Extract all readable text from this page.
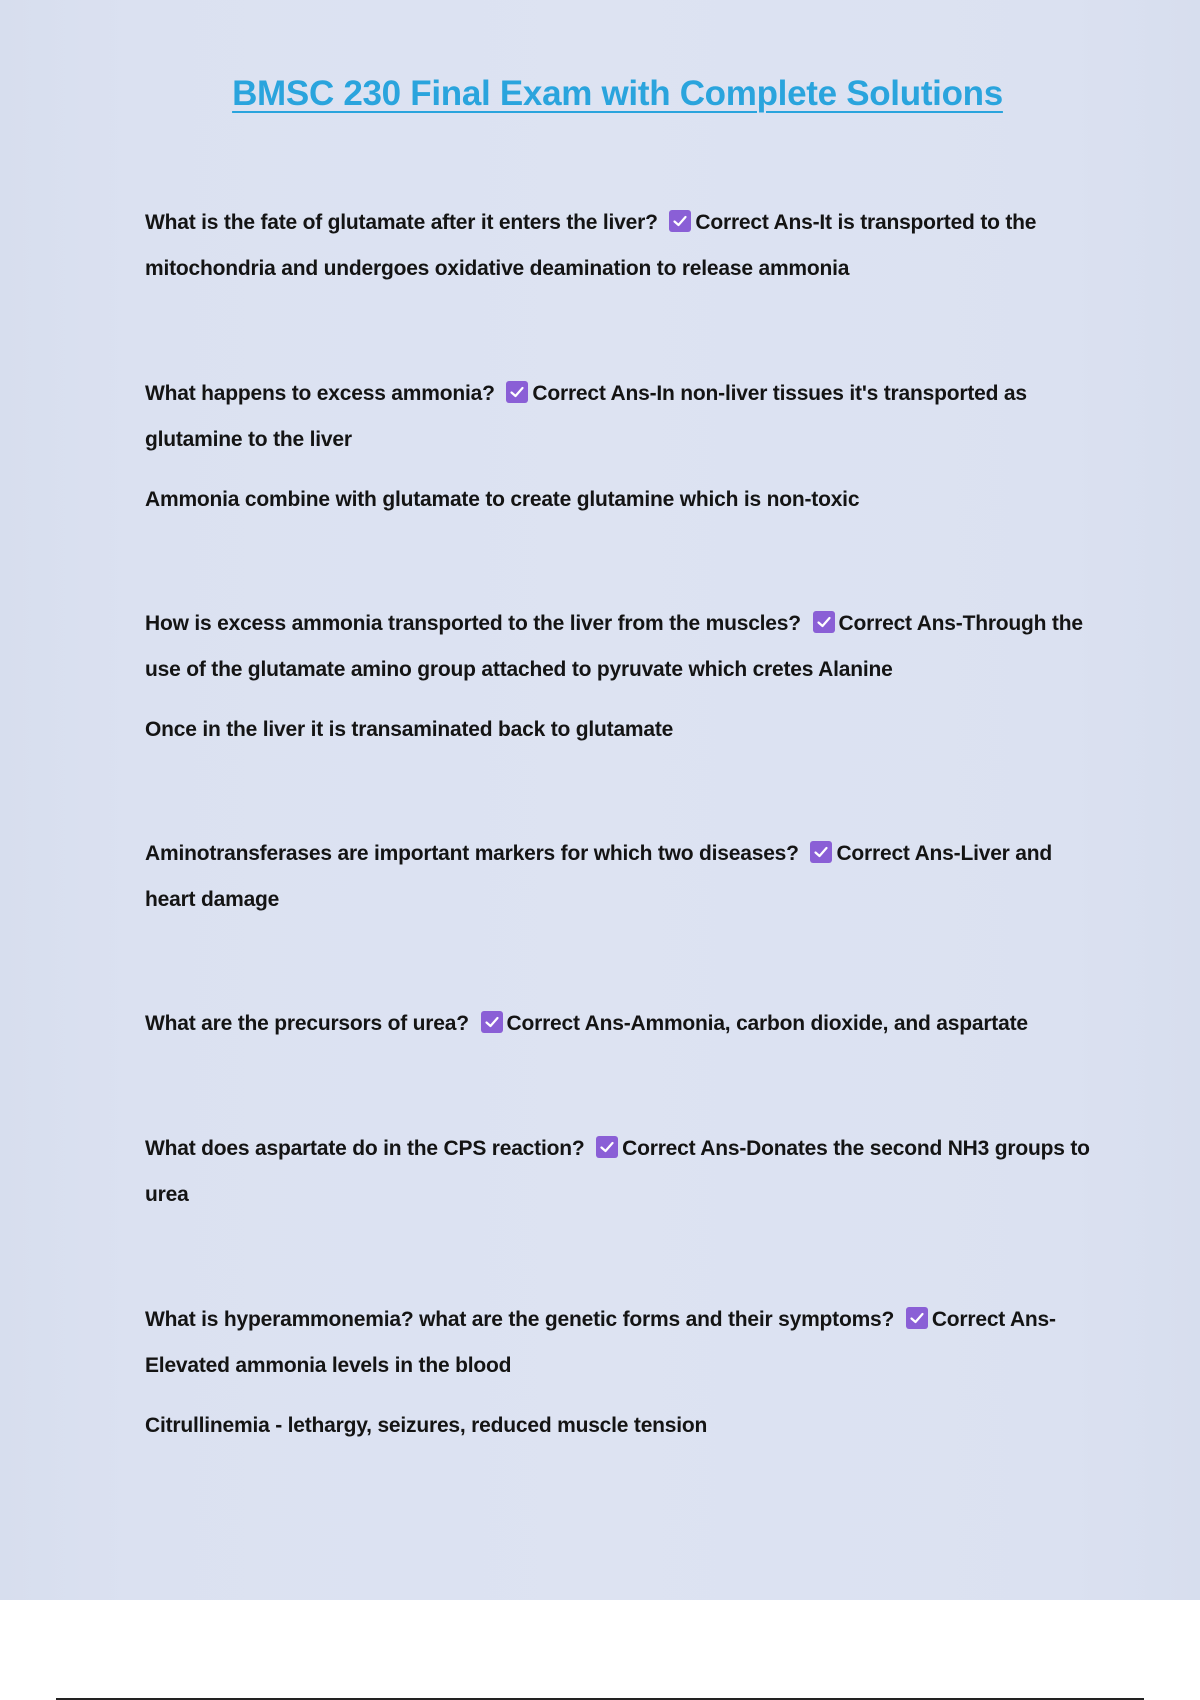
BMSC 230 Final Exam with Complete Solutions

What is the fate of glutamate after it enters the liver? Correct Ans-It is transported to the mitochondria and undergoes oxidative deamination to release ammonia

What happens to excess ammonia? Correct Ans-In non-liver tissues it's transported as glutamine to the liver

Ammonia combine with glutamate to create glutamine which is non-toxic

How is excess ammonia transported to the liver from the muscles? Correct Ans-Through the use of the glutamate amino group attached to pyruvate which cretes Alanine

Once in the liver it is transaminated back to glutamate

Aminotransferases are important markers for which two diseases? Correct Ans-Liver and heart damage

What are the precursors of urea? Correct Ans-Ammonia, carbon dioxide, and aspartate

What does aspartate do in the CPS reaction? Correct Ans-Donates the second NH3 groups to urea

What is hyperammonemia? what are the genetic forms and their symptoms? Correct Ans-Elevated ammonia levels in the blood

Citrullinemia - lethargy, seizures, reduced muscle tension
